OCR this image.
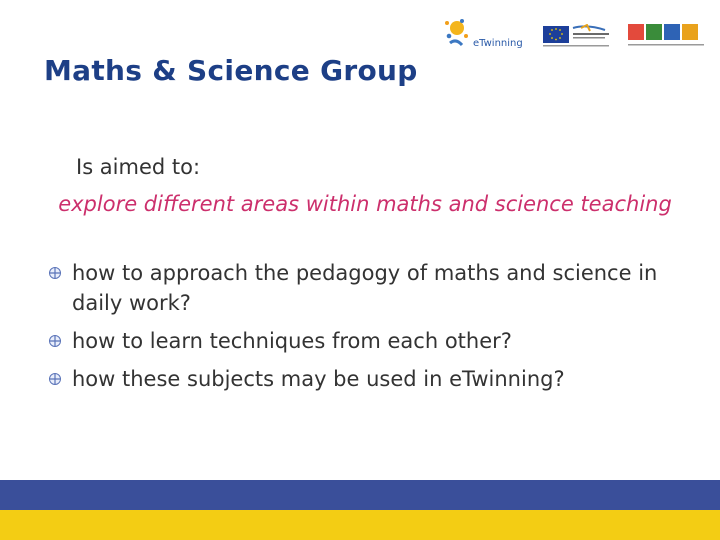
eTwinning
Maths & Science Group
Is aimed to:
explore different areas within maths and science teaching
how to approach the pedagogy of maths and science in daily work?
how to learn techniques from each other?
how these subjects may be used in eTwinning?
